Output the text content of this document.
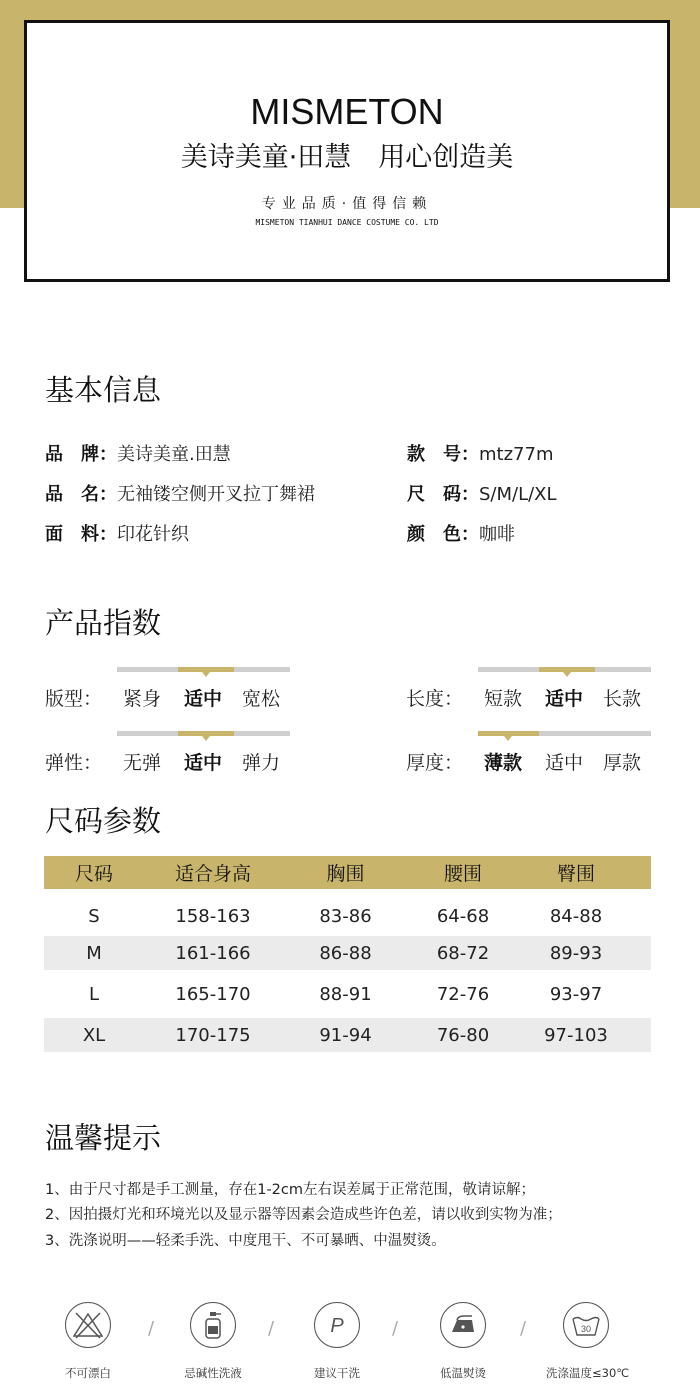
MISMETON
美诗美童·田慧　用心创造美
专业品质·值得信赖
MISMETON TIANHUI DANCE COSTUME CO. LTD
基本信息
品　牌：美诗美童.田慧	款　号：mtz77m
品　名：无袖镂空侧开叉拉丁舞裙	尺　码：S/M/L/XL
面　料：印花针织	颜　色：咖啡
产品指数
版型： 紧身 适中 宽松	长度： 短款 适中 长款
弹性： 无弹 适中 弹力	厚度： 薄款 适中 厚款
尺码参数
尺码	适合身高	胸围	腰围	臀围
S	158-163	83-86	64-68	84-88
M	161-166	86-88	68-72	89-93
L	165-170	88-91	72-76	93-97
XL	170-175	91-94	76-80	97-103
温馨提示
1、由于尺寸都是手工测量，存在1-2cm左右误差属于正常范围，敬请谅解；
2、因拍摄灯光和环境光以及显示器等因素会造成些许色差，请以收到实物为准；
3、洗涤说明——轻柔手洗、中度甩干、不可暴晒、中温熨烫。
不可漂白
/
忌碱性洗液
/	P
建议干洗
/
低温熨烫
/	30
洗涤温度≤30℃
